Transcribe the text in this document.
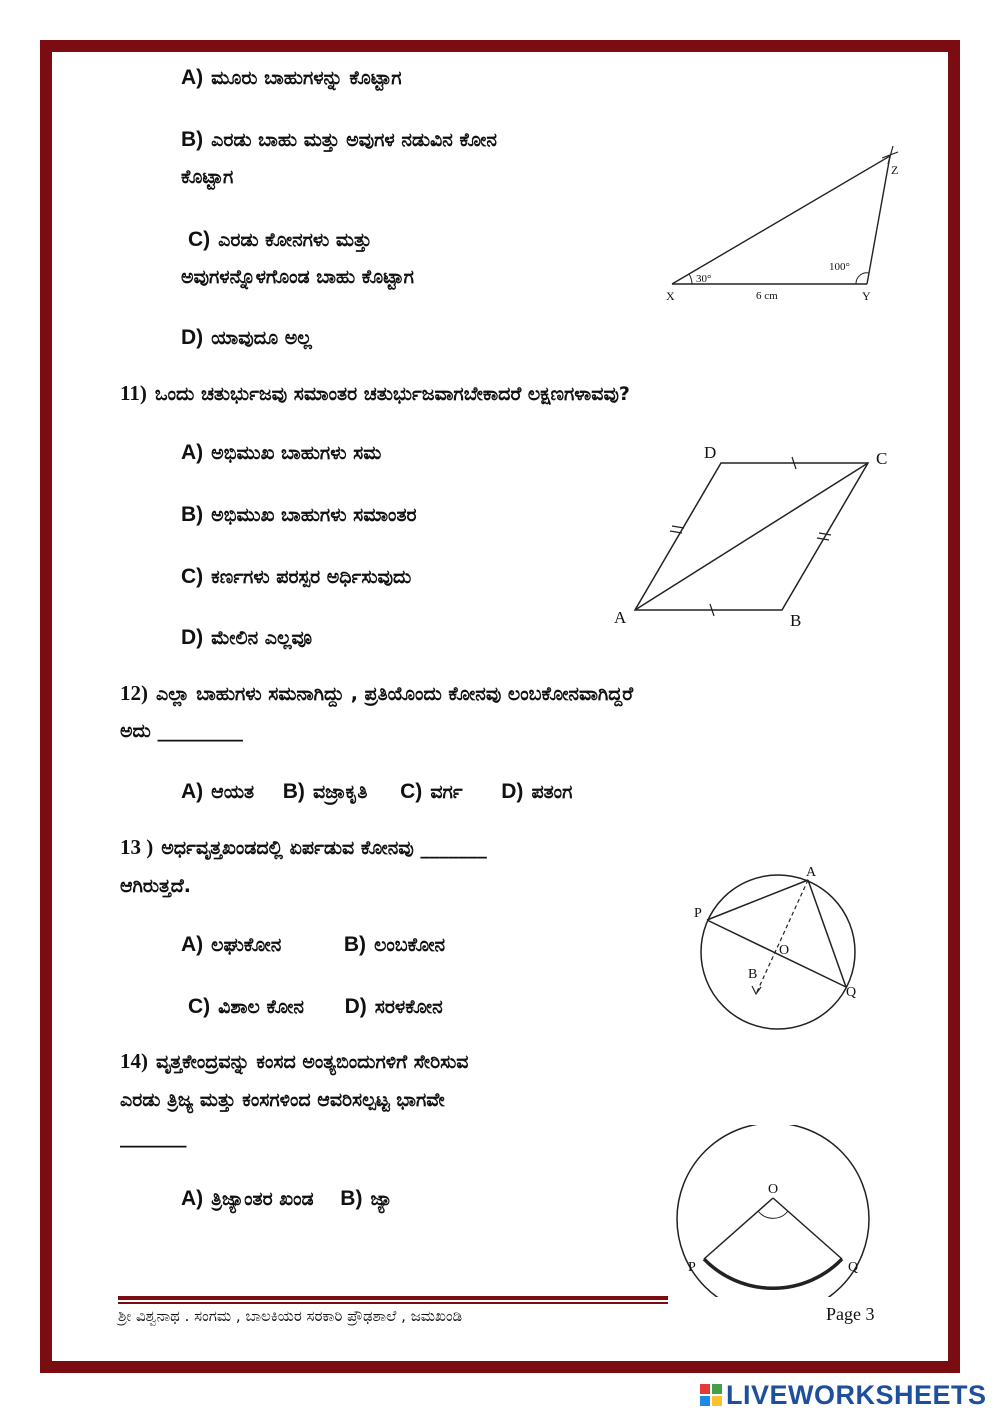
A) ಮೂರು ಬಾಹುಗಳನ್ನು ಕೊಟ್ಟಾಗ
B) ಎರಡು ಬಾಹು ಮತ್ತು ಅವುಗಳ ನಡುವಿನ ಕೋನ
ಕೊಟ್ಟಾಗ
C) ಎರಡು ಕೋನಗಳು ಮತ್ತು
ಅವುಗಳನ್ನೊಳಗೊಂಡ ಬಾಹು ಕೊಟ್ಟಾಗ
D) ಯಾವುದೂ ಅಲ್ಲ
X	Y
Z
30°
100°
6 cm
11) ಒಂದು ಚತುರ್ಭುಜವು ಸಮಾಂತರ ಚತುರ್ಭುಜವಾಗಬೇಕಾದರೆ ಲಕ್ಷಣಗಳಾವವು?
A) ಅಭಿಮುಖ ಬಾಹುಗಳು ಸಮ
B) ಅಭಿಮುಖ ಬಾಹುಗಳು ಸಮಾಂತರ
C) ಕರ್ಣಗಳು ಪರಸ್ಪರ ಅರ್ಧಿಸುವುದು
D) ಮೇಲಿನ ಎಲ್ಲವೂ
A	B
C
D
12) ಎಲ್ಲಾ ಬಾಹುಗಳು ಸಮನಾಗಿದ್ದು , ಪ್ರತಿಯೊಂದು ಕೋನವು ಲಂಬಕೋನವಾಗಿದ್ದರೆ
ಅದು _________
A) ಆಯತ B) ವಜ್ರಾಕೃತಿ C) ವರ್ಗ D) ಪತಂಗ
13 ) ಅರ್ಧವೃತ್ತಖಂಡದಲ್ಲಿ ಏರ್ಪಡುವ ಕೋನವು _______
ಆಗಿರುತ್ತದೆ.
A) ಲಘುಕೋನ	B) ಲಂಬಕೋನ
C) ವಿಶಾಲ ಕೋನ D) ಸರಳಕೋನ
A
P
O
B
Q
14) ವೃತ್ತಕೇಂದ್ರವನ್ನು ಕಂಸದ ಅಂತ್ಯಬಿಂದುಗಳಿಗೆ ಸೇರಿಸುವ
ಎರಡು ತ್ರಿಜ್ಯ ಮತ್ತು ಕಂಸಗಳಿಂದ ಆವರಿಸಲ್ಪಟ್ಟ ಭಾಗವೇ
_______
A) ತ್ರಿಜ್ಯಾಂತರ ಖಂಡ B) ಜ್ಯಾ	O
P	Q
ಶ್ರೀ ವಿಶ್ವನಾಥ . ಸಂಗಮ , ಬಾಲಕಿಯರ ಸರಕಾರಿ ಪ್ರೌಢಶಾಲೆ , ಜಮಖಂಡಿ	Page 3
LIVEWORKSHEETS
